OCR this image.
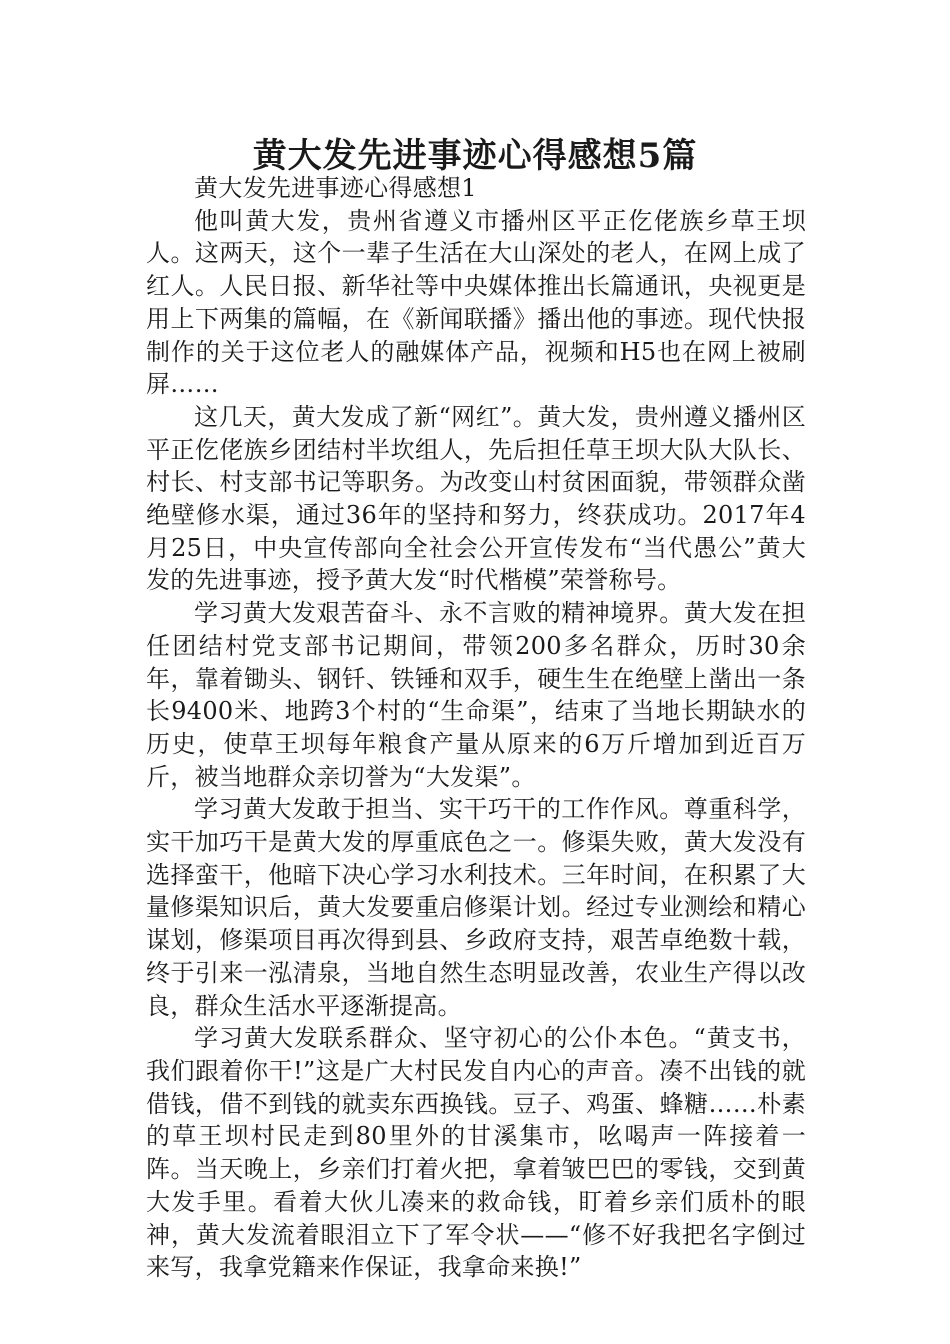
黄大发先进事迹心得感想5篇

黄大发先进事迹心得感想1

他叫黄大发，贵州省遵义市播州区平正仡佬族乡草王坝人。这两天，这个一辈子生活在大山深处的老人，在网上成了红人。人民日报、新华社等中央媒体推出长篇通讯，央视更是用上下两集的篇幅，在《新闻联播》播出他的事迹。现代快报制作的关于这位老人的融媒体产品，视频和H5也在网上被刷屏……

这几天，黄大发成了新“网红”。黄大发，贵州遵义播州区平正仡佬族乡团结村半坎组人，先后担任草王坝大队大队长、村长、村支部书记等职务。为改变山村贫困面貌，带领群众凿绝壁修水渠，通过36年的坚持和努力，终获成功。2017年4月25日，中央宣传部向全社会公开宣传发布“当代愚公”黄大发的先进事迹，授予黄大发“时代楷模”荣誉称号。

学习黄大发艰苦奋斗、永不言败的精神境界。黄大发在担任团结村党支部书记期间，带领200多名群众，历时30余年，靠着锄头、钢钎、铁锤和双手，硬生生在绝壁上凿出一条长9400米、地跨3个村的“生命渠”，结束了当地长期缺水的历史，使草王坝每年粮食产量从原来的6万斤增加到近百万斤，被当地群众亲切誉为“大发渠”。

学习黄大发敢于担当、实干巧干的工作作风。尊重科学，实干加巧干是黄大发的厚重底色之一。修渠失败，黄大发没有选择蛮干，他暗下决心学习水利技术。三年时间，在积累了大量修渠知识后，黄大发要重启修渠计划。经过专业测绘和精心谋划，修渠项目再次得到县、乡政府支持，艰苦卓绝数十载，终于引来一泓清泉，当地自然生态明显改善，农业生产得以改良，群众生活水平逐渐提高。

学习黄大发联系群众、坚守初心的公仆本色。“黄支书，我们跟着你干!”这是广大村民发自内心的声音。凑不出钱的就借钱，借不到钱的就卖东西换钱。豆子、鸡蛋、蜂糖……朴素的草王坝村民走到80里外的甘溪集市，吆喝声一阵接着一阵。当天晚上，乡亲们打着火把，拿着皱巴巴的零钱，交到黄大发手里。看着大伙儿凑来的救命钱，盯着乡亲们质朴的眼神，黄大发流着眼泪立下了军令状——“修不好我把名字倒过来写，我拿党籍来作保证，我拿命来换!”
